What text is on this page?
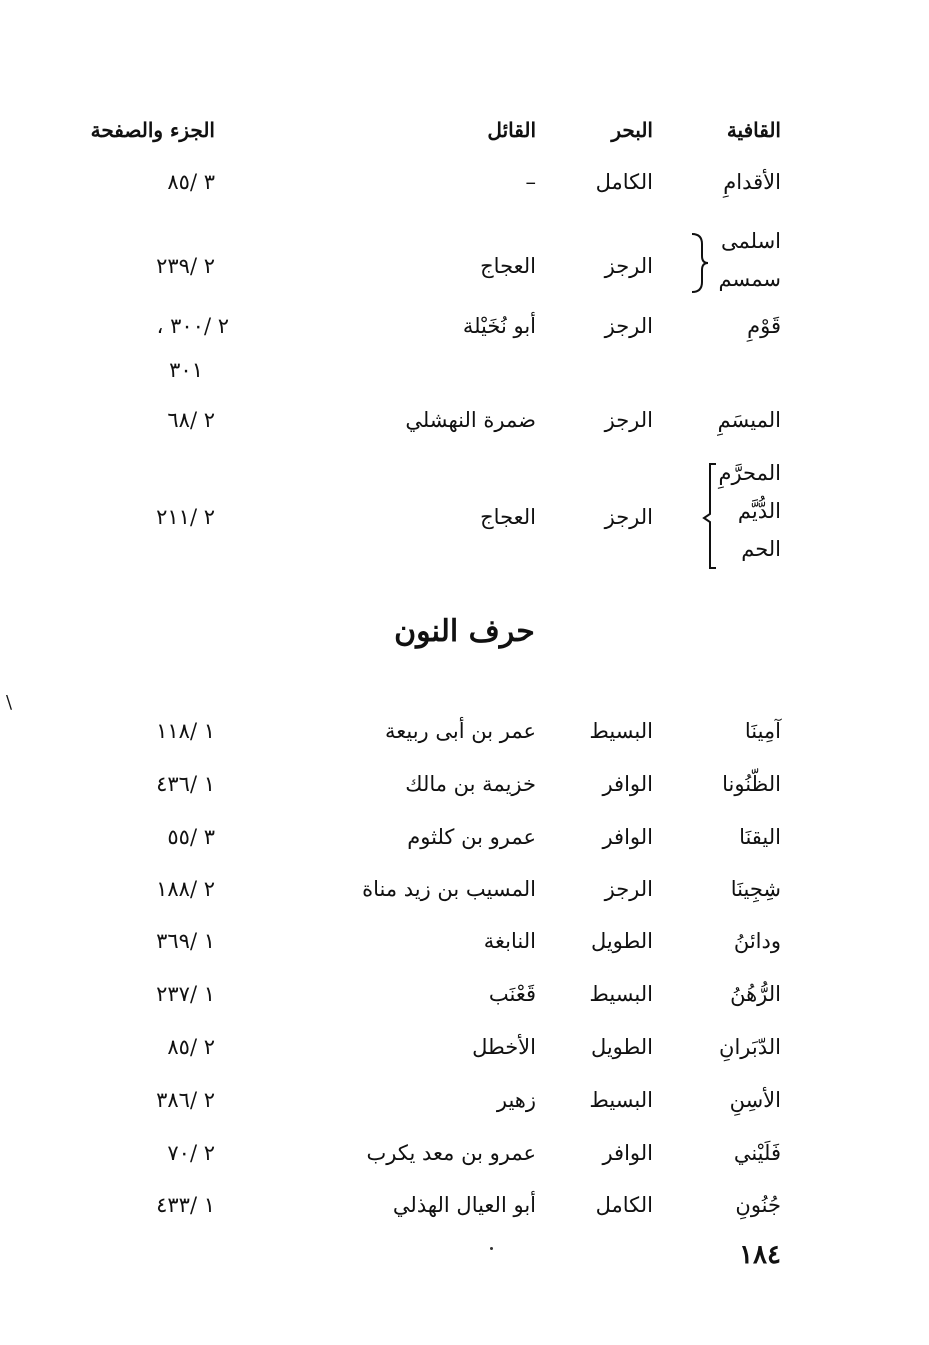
القافية
البحر
القائل
الجزء والصفحة
الأقدامِ
الكامل
–
٣ /٨٥
اسلمى
سمسم
الرجز
العجاج
٢ /٢٣٩
قَوْمِ
الرجز
أبو نُخَيْلة
٢ /٣٠٠ ،
٣٠١
الميسَمِ
الرجز
ضمرة النهشلي
٢ /٦٨
المحرَّمِ
الدُّيَّم
الحم
الرجز
العجاج
٢ /٢١١
حرف النون
آمِينَا
البسيط
عمر بن أبى ربيعة
١ /١١٨
الظّنُونا
الوافر
خزيمة بن مالك
١ /٤٣٦
اليقنَا
الوافر
عمرو بن كلثوم
٣ /٥٥
شِجِينَا
الرجز
المسيب بن زيد مناة
٢ /١٨٨
ودائنُ
الطويل
النابغة
١ /٣٦٩
الرُّهُنُ
البسيط
قَعْنَب
١ /٢٣٧
الدّبَرانِ
الطويل
الأخطل
٢ /٨٥
الأسِنِ
البسيط
زهير
٢ /٣٨٦
فَلَيْني
الوافر
عمرو بن معد يكرب
٢ /٧٠
جُنُونِ
الكامل
أبو العيال الهذلي
١ /٤٣٣
١٨٤
\
